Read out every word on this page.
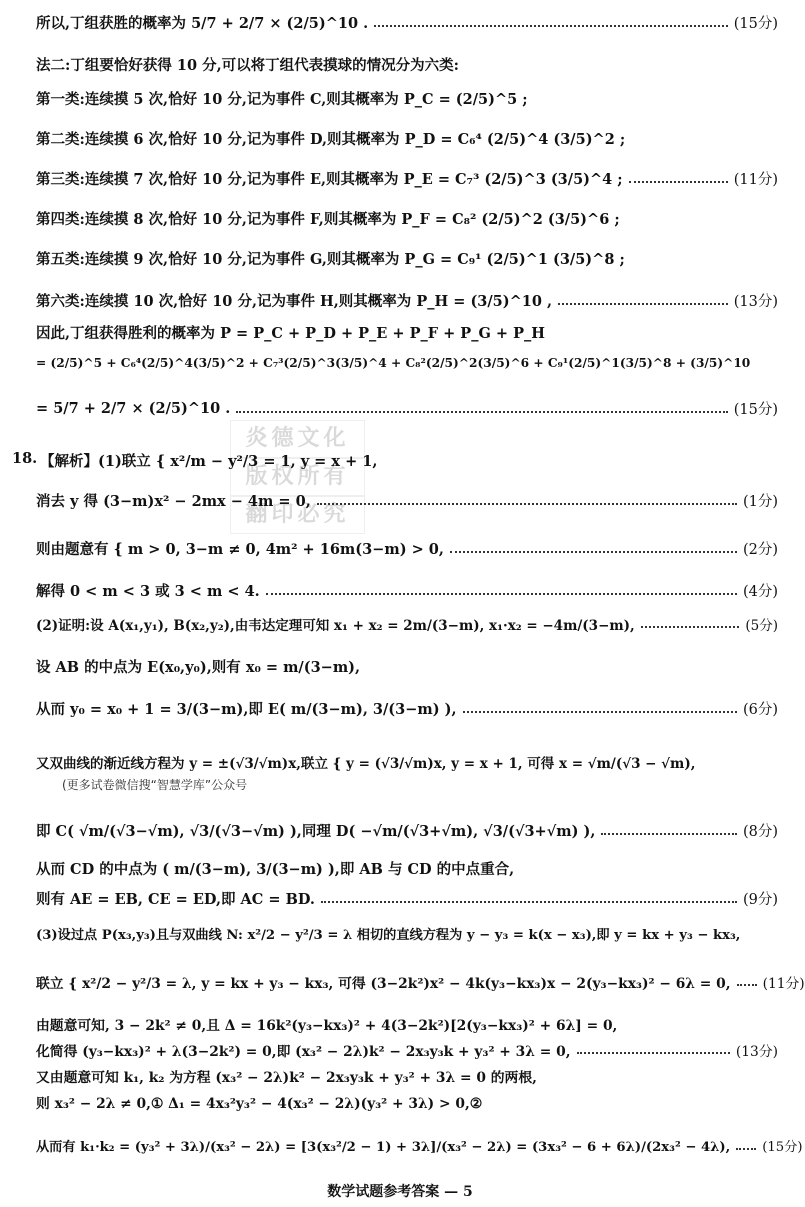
炎德文化
版权所有
翻印必究
所以,丁组获胜的概率为 5/7 + 2/7 × (2/5)^10 .	(15分)
法二:丁组要恰好获得 10 分,可以将丁组代表摸球的情况分为六类:
第一类:连续摸 5 次,恰好 10 分,记为事件 C,则其概率为 P_C = (2/5)^5 ;
第二类:连续摸 6 次,恰好 10 分,记为事件 D,则其概率为 P_D = C₆⁴ (2/5)^4 (3/5)^2 ;
第三类:连续摸 7 次,恰好 10 分,记为事件 E,则其概率为 P_E = C₇³ (2/5)^3 (3/5)^4 ;	(11分)
第四类:连续摸 8 次,恰好 10 分,记为事件 F,则其概率为 P_F = C₈² (2/5)^2 (3/5)^6 ;
第五类:连续摸 9 次,恰好 10 分,记为事件 G,则其概率为 P_G = C₉¹ (2/5)^1 (3/5)^8 ;
第六类:连续摸 10 次,恰好 10 分,记为事件 H,则其概率为 P_H = (3/5)^10 ,	(13分)
因此,丁组获得胜利的概率为 P = P_C + P_D + P_E + P_F + P_G + P_H
= (2/5)^5 + C₆⁴(2/5)^4(3/5)^2 + C₇³(2/5)^3(3/5)^4 + C₈²(2/5)^2(3/5)^6 + C₉¹(2/5)^1(3/5)^8 + (3/5)^10
= 5/7 + 2/7 × (2/5)^10 .	(15分)
18. 【解析】(1)联立 { x²/m − y²/3 = 1, y = x + 1,
消去 y 得 (3−m)x² − 2mx − 4m = 0,	(1分)
则由题意有 { m > 0, 3−m ≠ 0, 4m² + 16m(3−m) > 0,	(2分)
解得 0 < m < 3 或 3 < m < 4.	(4分)
(2)证明:设 A(x₁,y₁), B(x₂,y₂),由韦达定理可知 x₁ + x₂ = 2m/(3−m), x₁·x₂ = −4m/(3−m),	(5分)
设 AB 的中点为 E(x₀,y₀),则有 x₀ = m/(3−m),
从而 y₀ = x₀ + 1 = 3/(3−m),即 E( m/(3−m), 3/(3−m) ),	(6分)
又双曲线的渐近线方程为 y = ±(√3/√m)x,联立 { y = (√3/√m)x, y = x + 1, 可得 x = √m/(√3 − √m),
(更多试卷微信搜“智慧学库”公众号
即 C( √m/(√3−√m), √3/(√3−√m) ),同理 D( −√m/(√3+√m), √3/(√3+√m) ),	(8分)
从而 CD 的中点为 ( m/(3−m), 3/(3−m) ),即 AB 与 CD 的中点重合,
则有 AE = EB, CE = ED,即 AC = BD.	(9分)
(3)设过点 P(x₃,y₃)且与双曲线 N: x²/2 − y²/3 = λ 相切的直线方程为 y − y₃ = k(x − x₃),即 y = kx + y₃ − kx₃,
联立 { x²/2 − y²/3 = λ, y = kx + y₃ − kx₃, 可得 (3−2k²)x² − 4k(y₃−kx₃)x − 2(y₃−kx₃)² − 6λ = 0, (11分)
由题意可知, 3 − 2k² ≠ 0,且 Δ = 16k²(y₃−kx₃)² + 4(3−2k²)[2(y₃−kx₃)² + 6λ] = 0,
化简得 (y₃−kx₃)² + λ(3−2k²) = 0,即 (x₃² − 2λ)k² − 2x₃y₃k + y₃² + 3λ = 0,	(13分)
又由题意可知 k₁, k₂ 为方程 (x₃² − 2λ)k² − 2x₃y₃k + y₃² + 3λ = 0 的两根,
则 x₃² − 2λ ≠ 0,① Δ₁ = 4x₃²y₃² − 4(x₃² − 2λ)(y₃² + 3λ) > 0,②
从而有 k₁·k₂ = (y₃² + 3λ)/(x₃² − 2λ) = [3(x₃²/2 − 1) + 3λ]/(x₃² − 2λ) = (3x₃² − 6 + 6λ)/(2x₃² − 4λ), (15分)
数学试题参考答案 — 5
